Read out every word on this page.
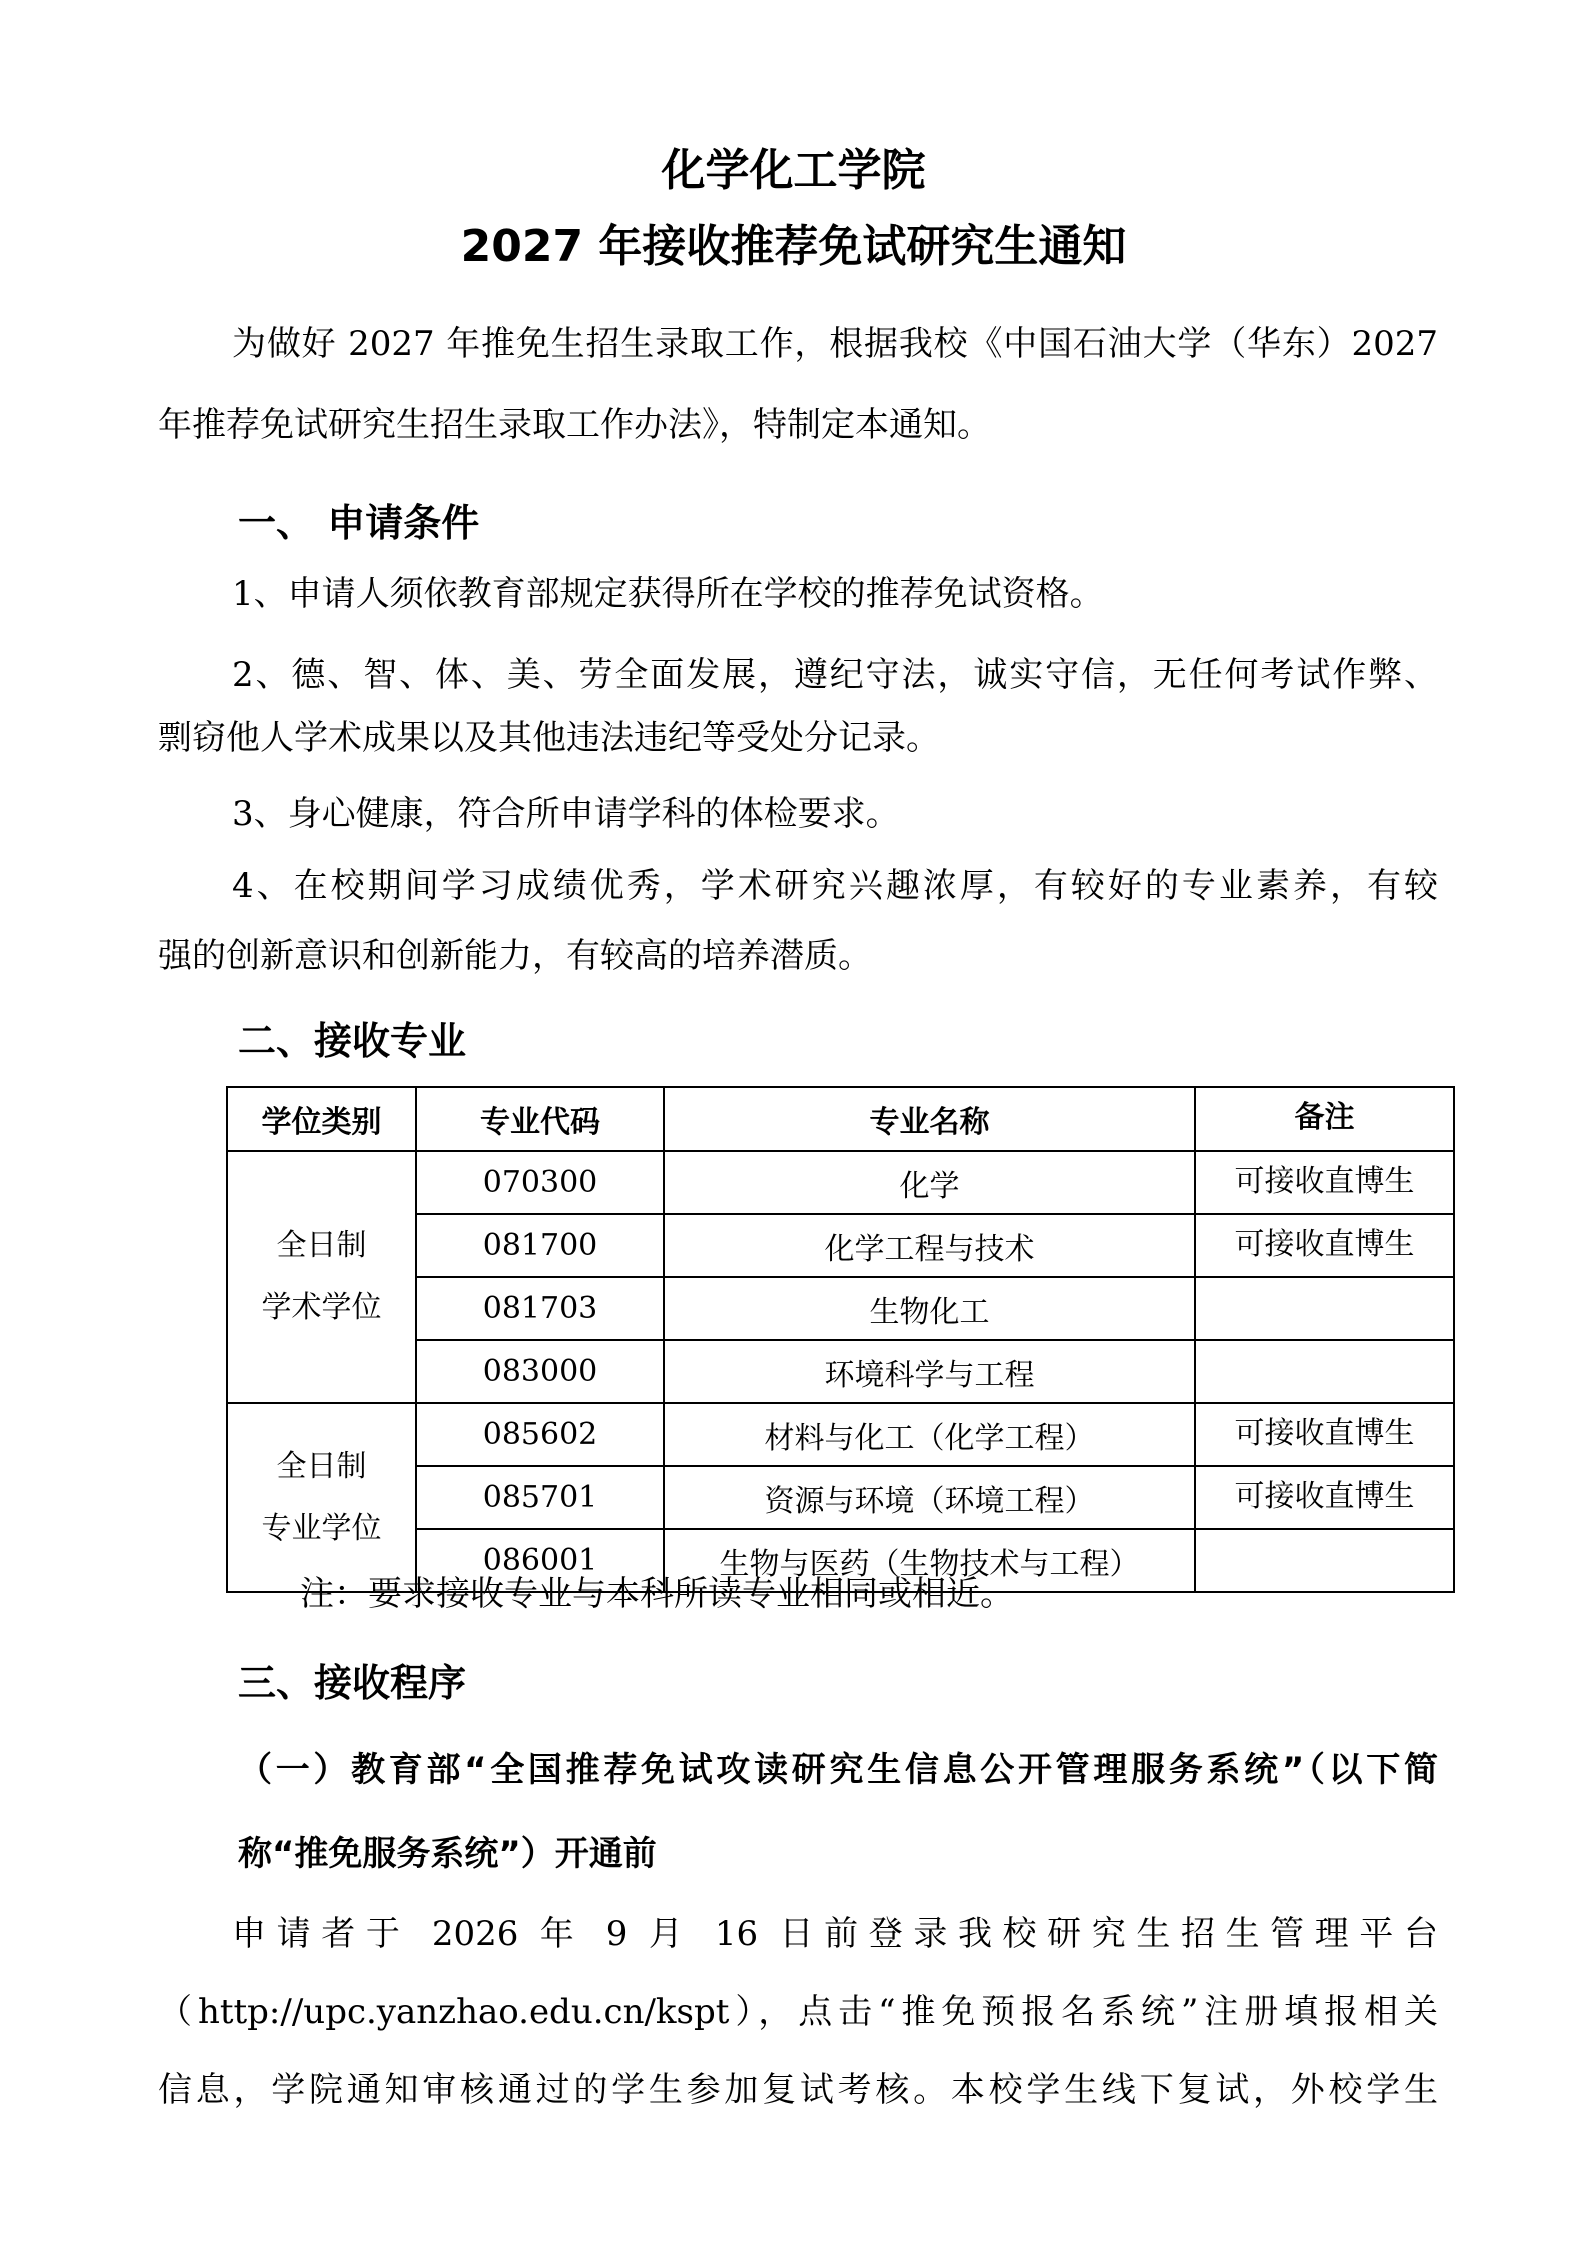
化学化工学院
2027 年接收推荐免试研究生通知
为做好 2027 年推免生招生录取工作，根据我校《中国石油大学（华东）2027
年推荐免试研究生招生录取工作办法》，特制定本通知。
一、 申请条件
1、申请人须依教育部规定获得所在学校的推荐免试资格。
2、德、智、体、美、劳全面发展，遵纪守法，诚实守信，无任何考试作弊、
剽窃他人学术成果以及其他违法违纪等受处分记录。
3、身心健康，符合所申请学科的体检要求。
4、在校期间学习成绩优秀，学术研究兴趣浓厚，有较好的专业素养，有较
强的创新意识和创新能力，有较高的培养潜质。
二、接收专业
学位类别	专业代码	专业名称	备注

全日制
学术学位	070300	化学	可接收直博生
	081700	化学工程与技术	可接收直博生
	081703	生物化工	
	083000	环境科学与工程	

全日制
专业学位	085602	材料与化工（化学工程）	可接收直博生
	085701	资源与环境（环境工程）	可接收直博生
	086001	生物与医药（生物技术与工程）	
注：要求接收专业与本科所读专业相同或相近。
三、接收程序
（一）教育部“全国推荐免试攻读研究生信息公开管理服务系统”（以下简
称“推免服务系统”）开通前
申请者于 2026 年 9 月 16 日前登录我校研究生招生管理平台
（http://upc.yanzhao.edu.cn/kspt），点击“推免预报名系统”注册填报相关
信息，学院通知审核通过的学生参加复试考核。本校学生线下复试，外校学生
